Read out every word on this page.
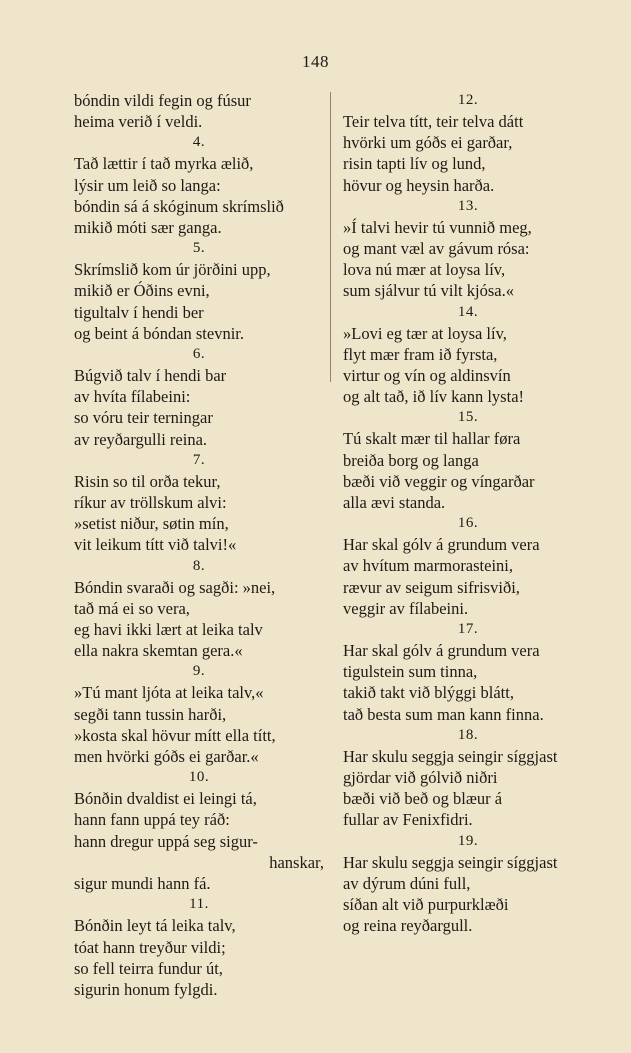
148
bóndin vildi fegin og fúsur
heima verið í veldi.
4.
Tað lættir í tað myrka ælið,
lýsir um leið so langa:
bóndin sá á skóginum skrímslið
mikið móti sær ganga.
5.
Skrímslið kom úr jörðini upp,
mikið er Óðins evni,
tigultalv í hendi ber
og beint á bóndan stevnir.
6.
Búgvið talv í hendi bar
av hvíta fílabeini:
so vóru teir terningar
av reyðargulli reina.
7.
Risin so til orða tekur,
ríkur av tröllskum alvi:
»setist niður, søtin mín,
vit leikum títt við talvi!«
8.
Bóndin svaraði og sagði: »nei,
tað má ei so vera,
eg havi ikki lært at leika talv
ella nakra skemtan gera.«
9.
»Tú mant ljóta at leika talv,«
segði tann tussin harði,
»kosta skal hövur mítt ella títt,
men hvörki góðs ei garðar.«
10.
Bónðin dvaldist ei leingi tá,
hann fann uppá tey ráð:
hann dregur uppá seg sigur-
hanskar,
sigur mundi hann fá.
11.
Bónðin leyt tá leika talv,
tóat hann treyður vildi;
so fell teirra fundur út,
sigurin honum fylgdi.
12.
Teir telva títt, teir telva dátt
hvörki um góðs ei garðar,
risin tapti lív og lund,
hövur og heysin harða.
13.
»Í talvi hevir tú vunnið meg,
og mant væl av gávum rósa:
lova nú mær at loysa lív,
sum sjálvur tú vilt kjósa.«
14.
»Lovi eg tær at loysa lív,
flyt mær fram ið fyrsta,
virtur og vín og aldinsvín
og alt tað, ið lív kann lysta!
15.
Tú skalt mær til hallar føra
breiða borg og langa
bæði við veggir og víngarðar
alla ævi standa.
16.
Har skal gólv á grundum vera
av hvítum marmorasteini,
rævur av seigum sifrisviði,
veggir av fílabeini.
17.
Har skal gólv á grundum vera
tigulstein sum tinna,
takið takt við blýggi blátt,
tað besta sum man kann finna.
18.
Har skulu seggja seingir síggjast
gjördar við gólvið niðri
bæði við beð og blæur á
fullar av Fenixfidri.
19.
Har skulu seggja seingir síggjast
av dýrum dúni full,
síðan alt við purpurklæði
og reina reyðargull.
